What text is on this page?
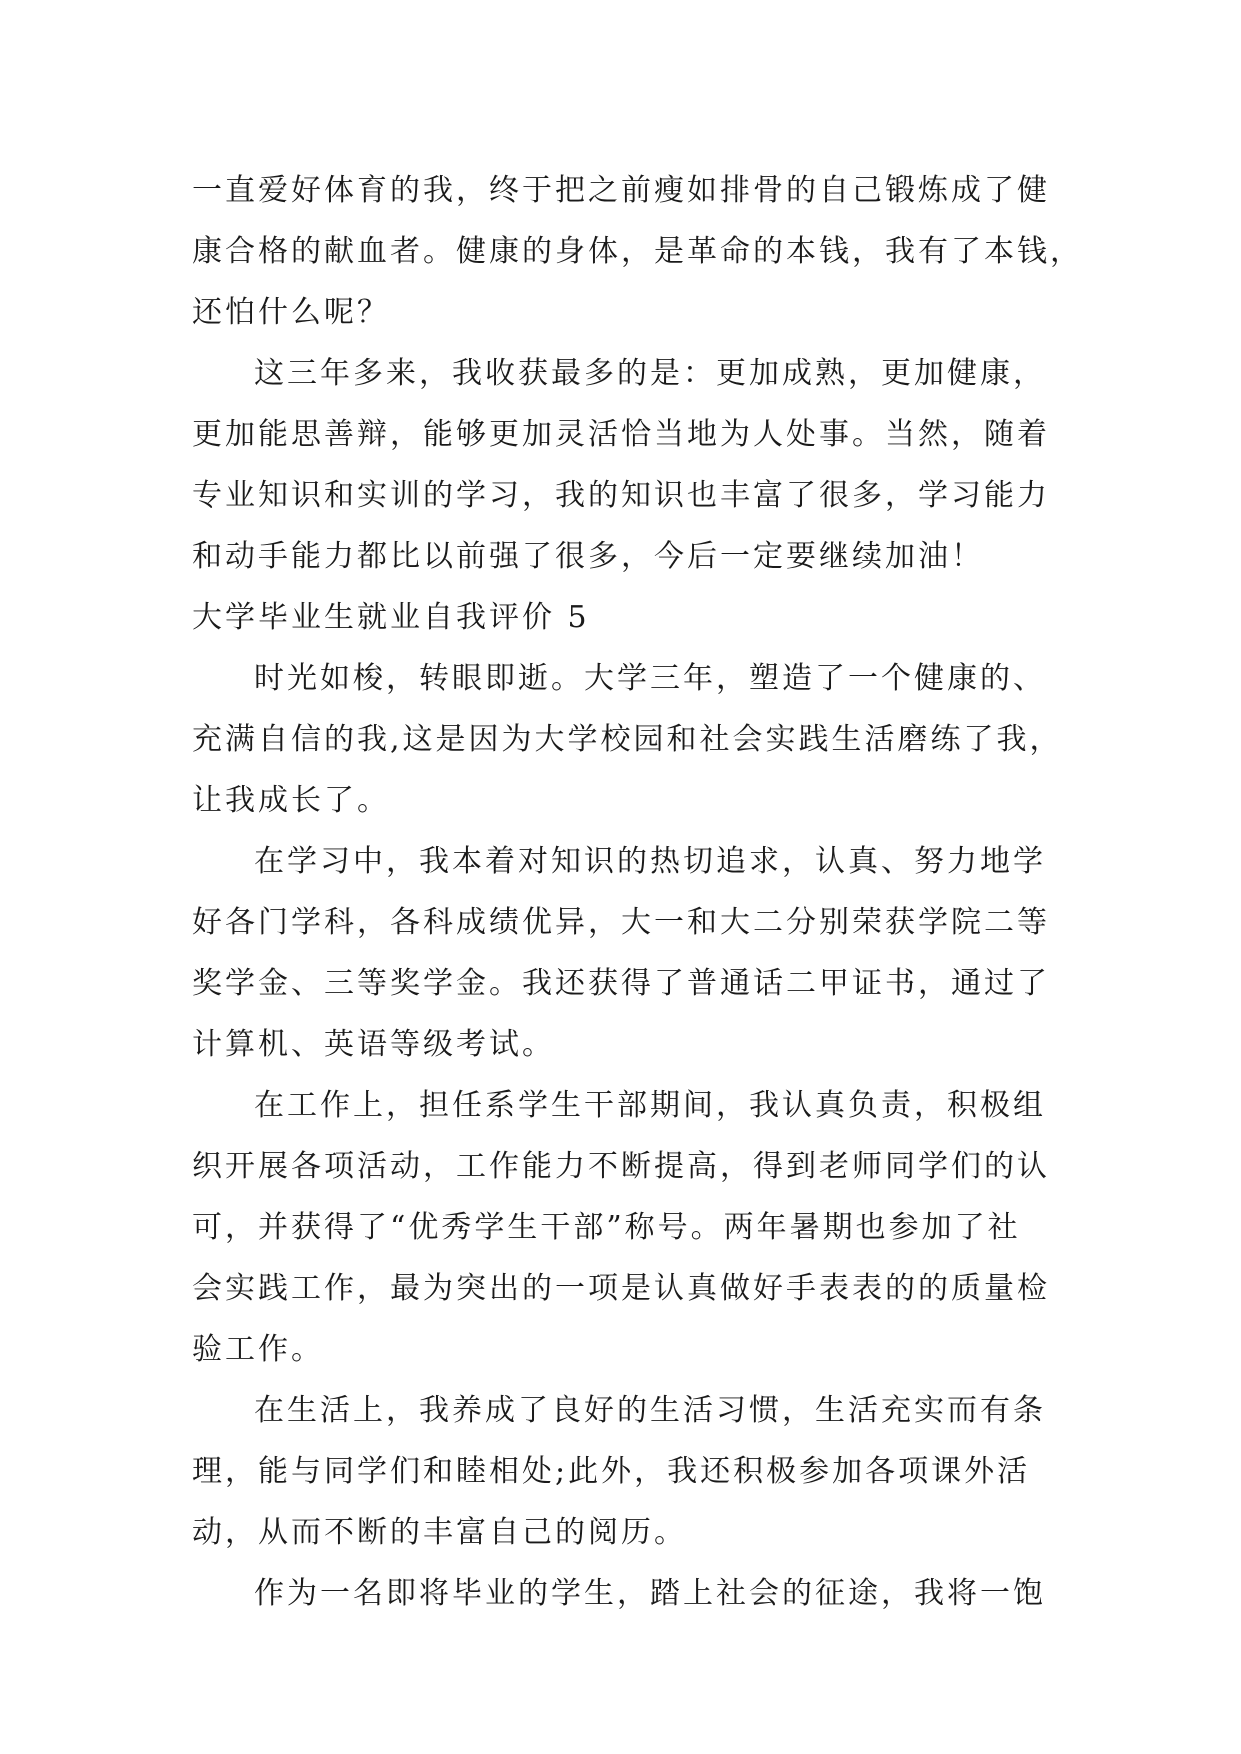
一直爱好体育的我，终于把之前瘦如排骨的自己锻炼成了健
康合格的献血者。健康的身体，是革命的本钱，我有了本钱，
还怕什么呢？
这三年多来，我收获最多的是：更加成熟，更加健康，
更加能思善辩，能够更加灵活恰当地为人处事。当然，随着
专业知识和实训的学习，我的知识也丰富了很多，学习能力
和动手能力都比以前强了很多，今后一定要继续加油！
大学毕业生就业自我评价 5
时光如梭，转眼即逝。大学三年，塑造了一个健康的、
充满自信的我,这是因为大学校园和社会实践生活磨练了我，
让我成长了。
在学习中，我本着对知识的热切追求，认真、努力地学
好各门学科，各科成绩优异，大一和大二分别荣获学院二等
奖学金、三等奖学金。我还获得了普通话二甲证书，通过了
计算机、英语等级考试。
在工作上，担任系学生干部期间，我认真负责，积极组
织开展各项活动，工作能力不断提高，得到老师同学们的认
可，并获得了“优秀学生干部”称号。两年暑期也参加了社
会实践工作，最为突出的一项是认真做好手表表的的质量检
验工作。
在生活上，我养成了良好的生活习惯，生活充实而有条
理，能与同学们和睦相处;此外，我还积极参加各项课外活
动，从而不断的丰富自己的阅历。
作为一名即将毕业的学生，踏上社会的征途，我将一饱
